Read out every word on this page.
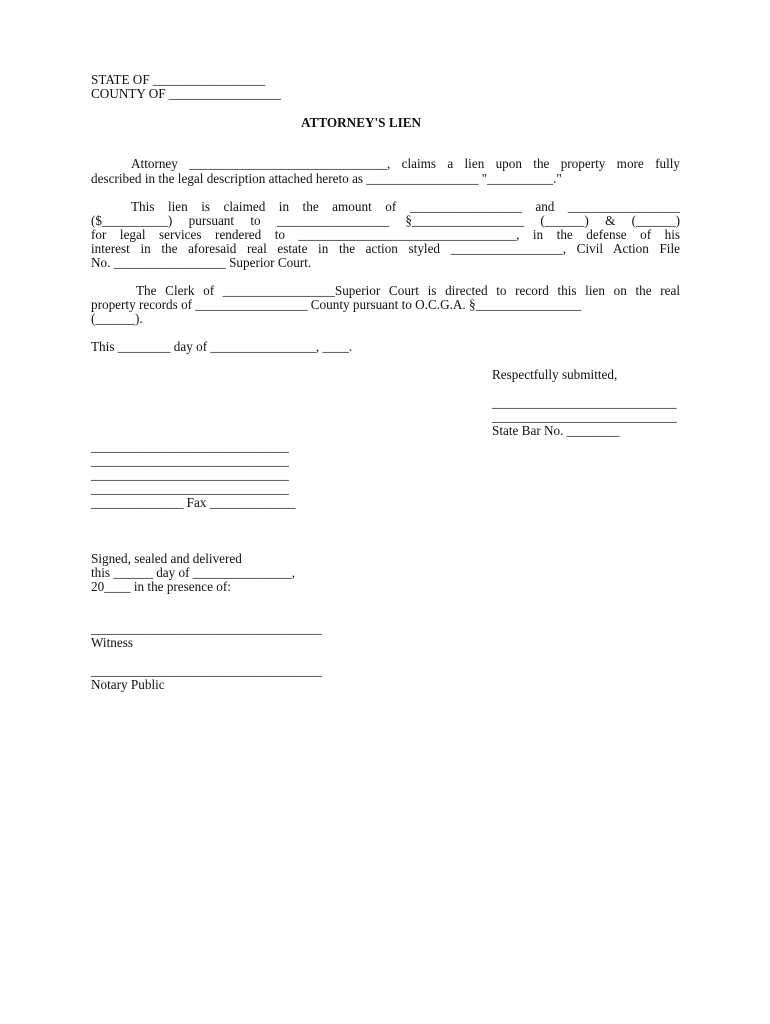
STATE OF _________________
COUNTY OF _________________
ATTORNEY'S LIEN
Attorney ______________________________, claims a lien upon the property more fully
described in the legal description attached hereto as _________________ "__________."
This lien is claimed in the amount of _________________ and _________________
($__________) pursuant to _________________ §_________________ (______) & (______)
for legal services rendered to _________________________________, in the defense of his
interest in the aforesaid real estate in the action styled _________________, Civil Action File
No. _________________ Superior Court.
The Clerk of _________________Superior Court is directed to record this lien on the real
property records of _________________ County pursuant to O.C.G.A. §________________
(______).
This ________ day of ________________, ____.
Respectfully submitted,
____________________________
____________________________
State Bar No. ________
______________________________
______________________________
______________________________
______________________________
______________ Fax _____________
Signed, sealed and delivered
this ______ day of _______________,
20____ in the presence of:
___________________________________
Witness
___________________________________
Notary Public
